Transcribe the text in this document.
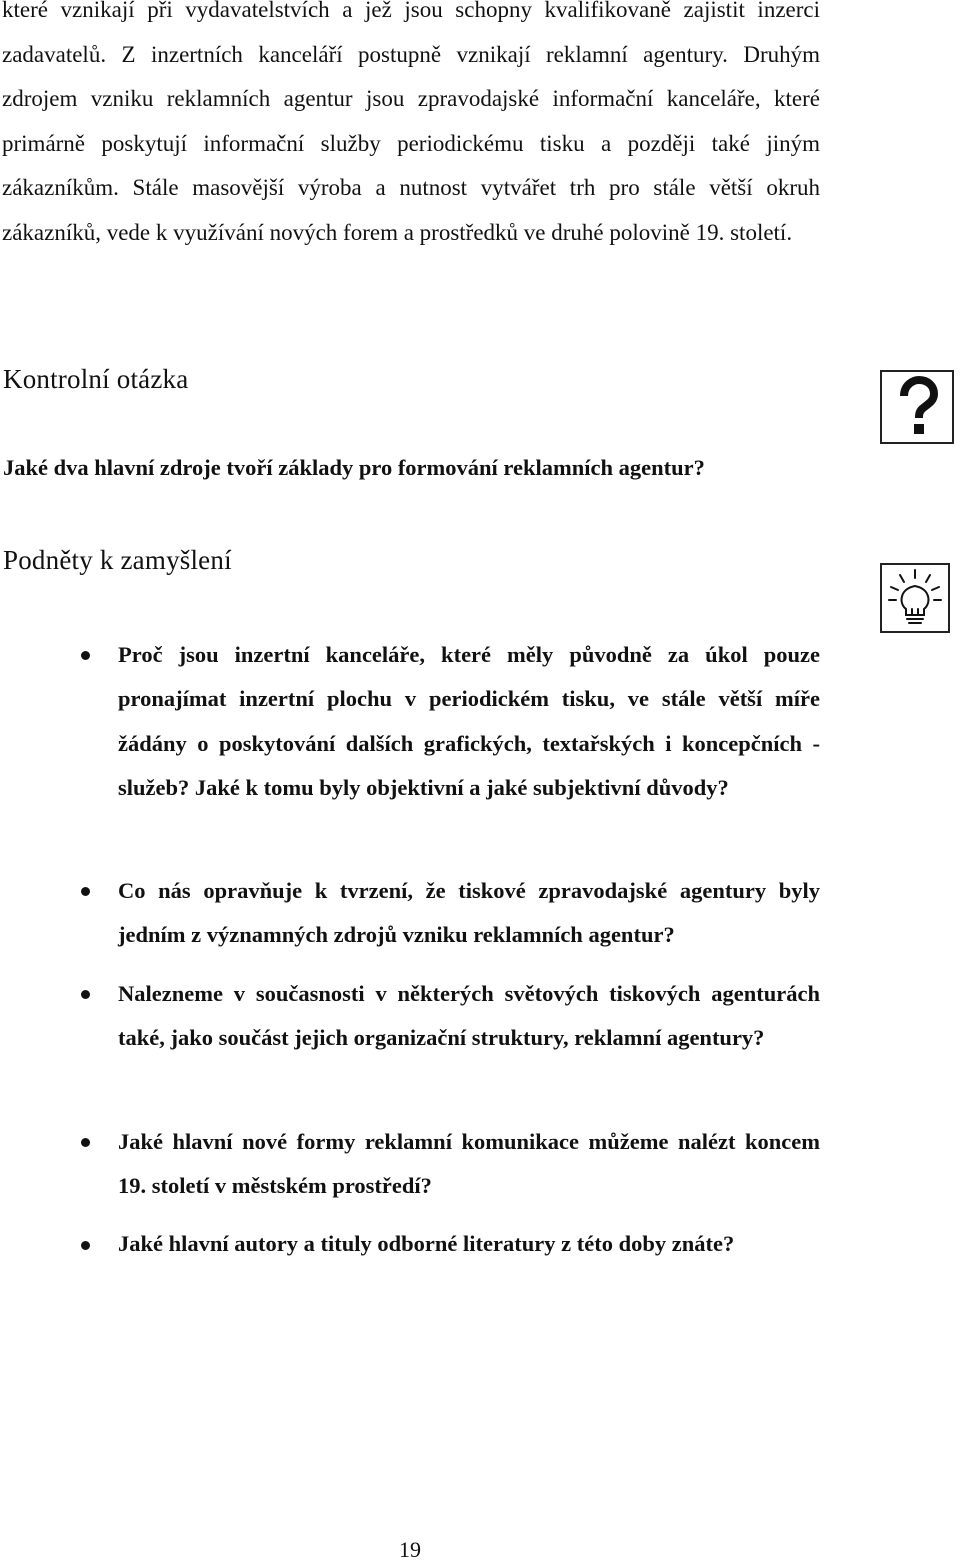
které vznikají při vydavatelstvích a jež jsou schopny kvalifikovaně zajistit inzerci zadavatelů. Z inzertních kanceláří postupně vznikají reklamní agentury. Druhým zdrojem vzniku reklamních agentur jsou zpravodajské informační kanceláře, které primárně poskytují informační služby periodickému tisku a později také jiným zákazníkům. Stále masovější výroba a nutnost vytvářet trh pro stále větší okruh zákazníků, vede k využívání nových forem a prostředků ve druhé polovině 19. století.

Kontrolní otázka

Jaké dva hlavní zdroje tvoří základy pro formování reklamních agentur?

Podněty k zamyšlení
Proč jsou inzertní kanceláře, které měly původně za úkol pouze pronajímat inzertní plochu v periodickém tisku, ve stále větší míře žádány o poskytování dalších grafických, textařských i koncepčních - služeb? Jaké k tomu byly objektivní a jaké subjektivní důvody?
Co nás opravňuje k tvrzení, že tiskové zpravodajské agentury byly jedním z významných zdrojů vzniku reklamních agentur?
Nalezneme v současnosti v některých světových tiskových agenturách také, jako součást jejich organizační struktury, reklamní agentury?
Jaké hlavní nové formy reklamní komunikace můžeme nalézt koncem 19. století v městském prostředí?
Jaké hlavní autory a tituly odborné literatury z této doby znáte?

19
